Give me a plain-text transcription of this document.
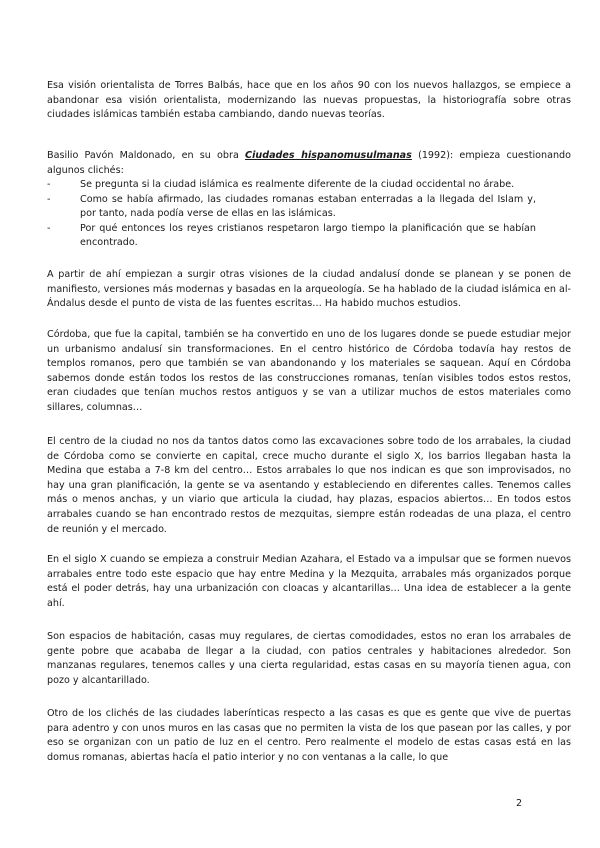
Esa visión orientalista de Torres Balbás, hace que en los años 90 con los nuevos hallazgos, se empiece a abandonar esa visión orientalista, modernizando las nuevas propuestas, la historiografía sobre otras ciudades islámicas también estaba cambiando, dando nuevas teorías.

Basilio Pavón Maldonado, en su obra Ciudades hispanomusulmanas (1992): empieza cuestionando algunos clichés:

-	Se pregunta si la ciudad islámica es realmente diferente de la ciudad occidental no árabe.
-	Como se había afirmado, las ciudades romanas estaban enterradas a la llegada del Islam y, por tanto, nada podía verse de ellas en las islámicas.
-	Por qué entonces los reyes cristianos respetaron largo tiempo la planificación que se habían encontrado.

A partir de ahí empiezan a surgir otras visiones de la ciudad andalusí donde se planean y se ponen de manifiesto, versiones más modernas y basadas en la arqueología. Se ha hablado de la ciudad islámica en al-Ándalus desde el punto de vista de las fuentes escritas… Ha habido muchos estudios.

Córdoba, que fue la capital, también se ha convertido en uno de los lugares donde se puede estudiar mejor un urbanismo andalusí sin transformaciones. En el centro histórico de Córdoba todavía hay restos de templos romanos, pero que también se van abandonando y los materiales se saquean. Aquí en Córdoba sabemos donde están todos los restos de las construcciones romanas, tenían visibles todos estos restos, eran ciudades que tenían muchos restos antiguos y se van a utilizar muchos de estos materiales como sillares, columnas…

El centro de la ciudad no nos da tantos datos como las excavaciones sobre todo de los arrabales, la ciudad de Córdoba como se convierte en capital, crece mucho durante el siglo X, los barrios llegaban hasta la Medina que estaba a 7-8 km del centro… Estos arrabales lo que nos indican es que son improvisados, no hay una gran planificación, la gente se va asentando y estableciendo en diferentes calles. Tenemos calles más o menos anchas, y un viario que articula la ciudad, hay plazas, espacios abiertos… En todos estos arrabales cuando se han encontrado restos de mezquitas, siempre están rodeadas de una plaza, el centro de reunión y el mercado.

En el siglo X cuando se empieza a construir Median Azahara, el Estado va a impulsar que se formen nuevos arrabales entre todo este espacio que hay entre Medina y la Mezquita, arrabales más organizados porque está el poder detrás, hay una urbanización con cloacas y alcantarillas… Una idea de establecer a la gente ahí.

Son espacios de habitación, casas muy regulares, de ciertas comodidades, estos no eran los arrabales de gente pobre que acababa de llegar a la ciudad, con patios centrales y habitaciones alrededor. Son manzanas regulares, tenemos calles y una cierta regularidad, estas casas en su mayoría tienen agua, con pozo y alcantarillado.

Otro de los clichés de las ciudades laberínticas respecto a las casas es que es gente que vive de puertas para adentro y con unos muros en las casas que no permiten la vista de los que pasean por las calles, y por eso se organizan con un patio de luz en el centro. Pero realmente el modelo de estas casas está en las domus romanas, abiertas hacía el patio interior y no con ventanas a la calle, lo que

2
